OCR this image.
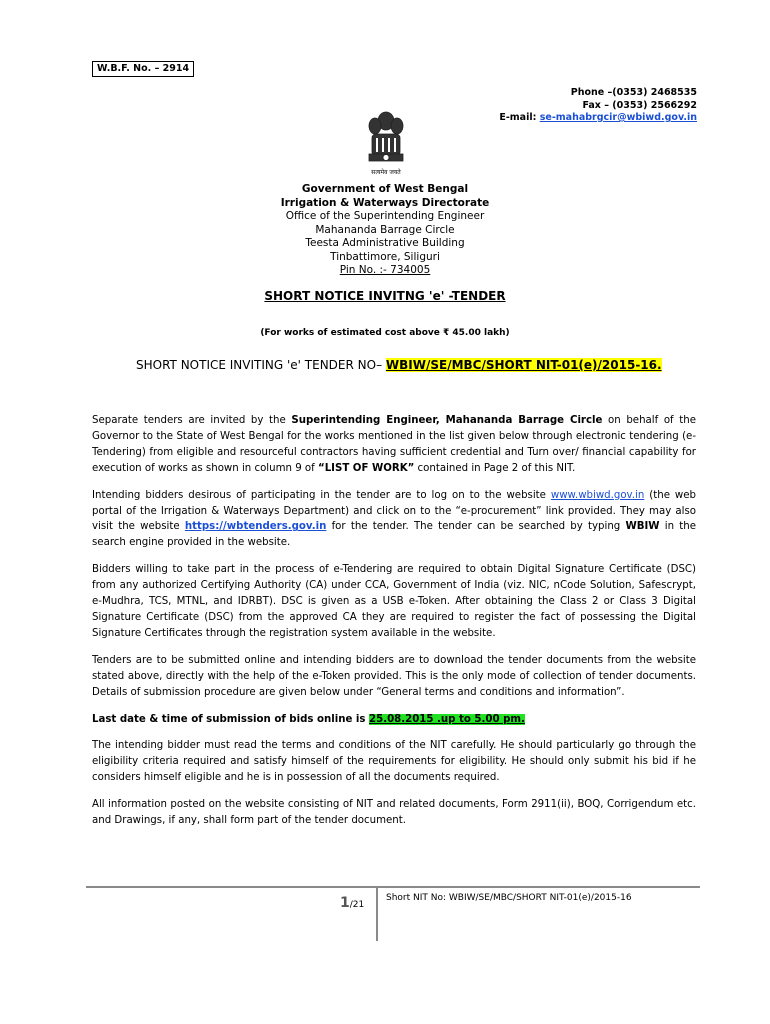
W.B.F. No. – 2914
Phone –(0353) 2468535
Fax – (0353) 2566292
E-mail: se-mahabrgcir@wbiwd.gov.in
सत्यमेव जयते
Government of West Bengal
Irrigation & Waterways Directorate
Office of the Superintending Engineer
Mahananda Barrage Circle
Teesta Administrative Building
Tinbattimore, Siliguri
Pin No. :- 734005
SHORT NOTICE INVITNG 'e' -TENDER
(For works of estimated cost above ₹ 45.00 lakh)
SHORT NOTICE INVITING 'e' TENDER NO– WBIW/SE/MBC/SHORT NIT-01(e)/2015-16.

Separate tenders are invited by the Superintending Engineer, Mahananda Barrage Circle on behalf of the Governor to the State of West Bengal for the works mentioned in the list given below through electronic tendering (e-Tendering) from eligible and resourceful contractors having sufficient credential and Turn over/ financial capability for execution of works as shown in column 9 of “LIST OF WORK” contained in Page 2 of this NIT.

Intending bidders desirous of participating in the tender are to log on to the website www.wbiwd.gov.in (the web portal of the Irrigation & Waterways Department) and click on to the “e-procurement” link provided. They may also visit the website https://wbtenders.gov.in for the tender. The tender can be searched by typing WBIW in the search engine provided in the website.

Bidders willing to take part in the process of e-Tendering are required to obtain Digital Signature Certificate (DSC) from any authorized Certifying Authority (CA) under CCA, Government of India (viz. NIC, nCode Solution, Safescrypt, e-Mudhra, TCS, MTNL, and IDRBT). DSC is given as a USB e-Token. After obtaining the Class 2 or Class 3 Digital Signature Certificate (DSC) from the approved CA they are required to register the fact of possessing the Digital Signature Certificates through the registration system available in the website.

Tenders are to be submitted online and intending bidders are to download the tender documents from the website stated above, directly with the help of the e-Token provided. This is the only mode of collection of tender documents. Details of submission procedure are given below under “General terms and conditions and information”.

Last date & time of submission of bids online is 25.08.2015 .up to 5.00 pm.

The intending bidder must read the terms and conditions of the NIT carefully. He should particularly go through the eligibility criteria required and satisfy himself of the requirements for eligibility. He should only submit his bid if he considers himself eligible and he is in possession of all the documents required.

All information posted on the website consisting of NIT and related documents, Form 2911(ii), BOQ, Corrigendum etc. and Drawings, if any, shall form part of the tender document.

1/21
Short NIT No: WBIW/SE/MBC/SHORT NIT-01(e)/2015-16
